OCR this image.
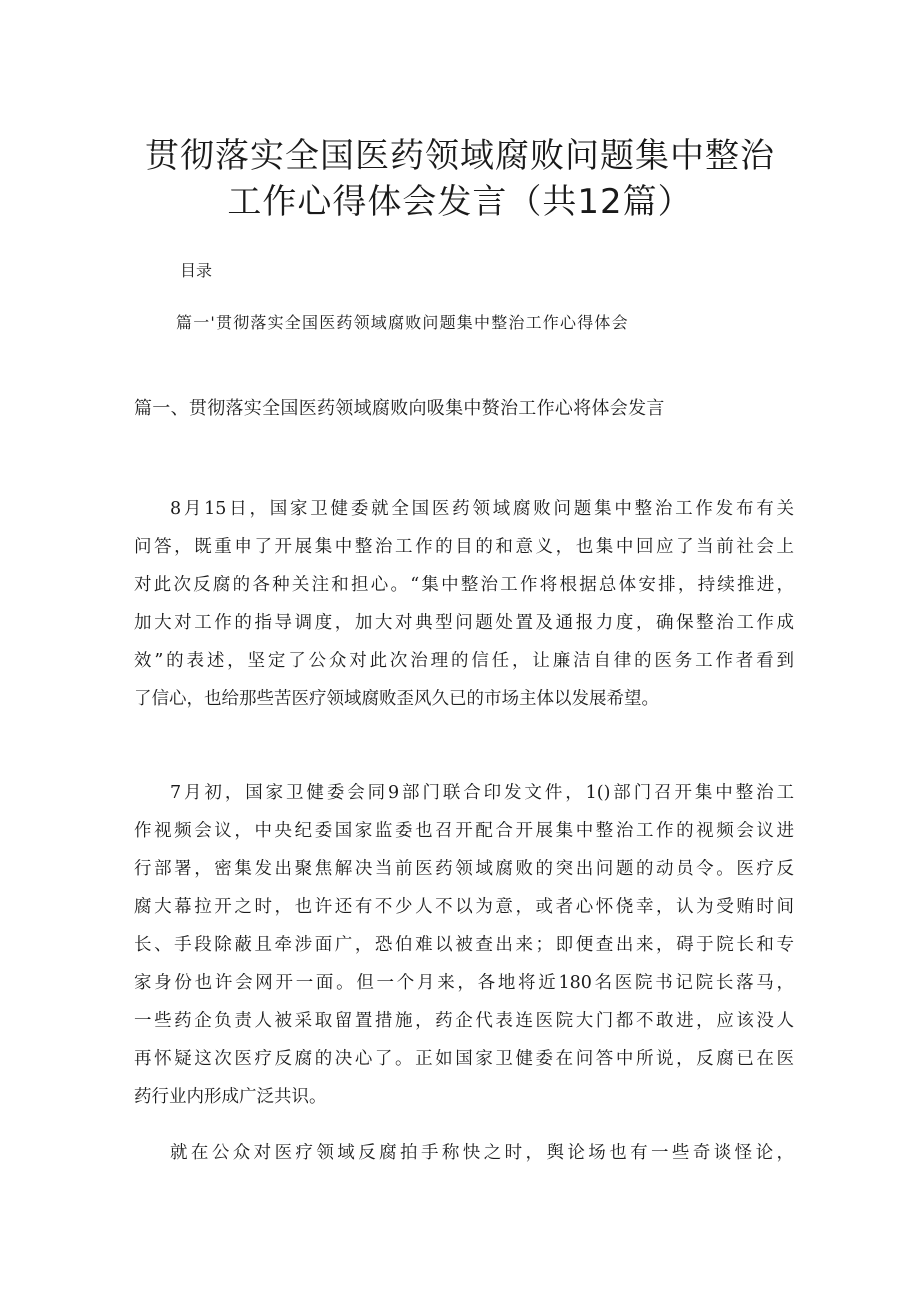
贯彻落实全国医药领域腐败问题集中整治
工作心得体会发言（共12篇）
目录
篇一'贯彻落实全国医药领域腐败问题集中整治工作心得体会
篇一、贯彻落实全国医药领域腐败向吸集中赘治工作心将体会发言

8月15日，国家卫健委就全国医药领域腐败问题集中整治工作发布有关
问答，既重申了开展集中整治工作的目的和意义，也集中回应了当前社会上
对此次反腐的各种关注和担心。“集中整治工作将根据总体安排，持续推进，
加大对工作的指导调度，加大对典型问题处置及通报力度，确保整治工作成
效”的表述，坚定了公众对此次治理的信任，让廉洁自律的医务工作者看到
了信心，也给那些苦医疗领域腐败歪风久已的市场主体以发展希望。

7月初，国家卫健委会同9部门联合印发文件，1()部门召开集中整治工
作视频会议，中央纪委国家监委也召开配合开展集中整治工作的视频会议进
行部署，密集发出聚焦解决当前医药领域腐败的突出问题的动员令。医疗反
腐大幕拉开之时，也许还有不少人不以为意，或者心怀侥幸，认为受贿时间
长、手段除蔽且牵涉面广，恐伯难以被查出来；即便查出来，碍于院长和专
家身份也许会网开一面。但一个月来，各地将近180名医院书记院长落马，
一些药企负责人被采取留置措施，药企代表连医院大门都不敢进，应该没人
再怀疑这次医疗反腐的决心了。正如国家卫健委在问答中所说，反腐已在医
药行业内形成广泛共识。

就在公众对医疗领域反腐拍手称快之时，舆论场也有一些奇谈怪论，
